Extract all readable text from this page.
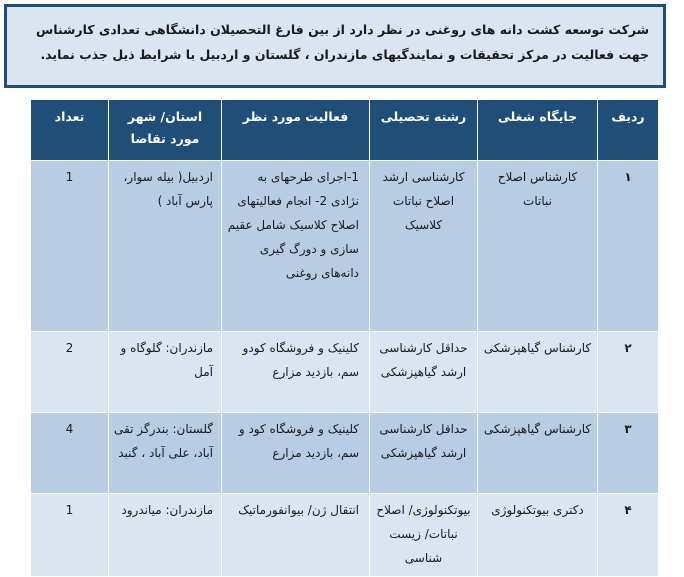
شرکت توسعه کشت دانه های روغنی در نظر دارد از بین فارغ التحصیلان دانشگاهی تعدادی کارشناس
جهت فعالیت در مرکز تحقیقات و نمایندگیهای مازندران ، گلستان و اردبیل با شرایط ذیل جذب نماید.
ردیف	جایگاه شغلی	رشته تحصیلی	فعالیت مورد نظر	استان/ شهر مورد تقاضا	تعداد
۱	کارشناس اصلاح نباتات	کارشناسی ارشد اصلاح نباتات کلاسیک	1-اجرای طرحهای به نژادی 2- انجام فعالیتهای اصلاح کلاسیک شامل عقیم سازی و دورگ گیری دانه‌های روغنی	اردبیل( بیله سوار، پارس آباد )	1
۲	کارشناس گیاهپزشکی	حداقل کارشناسی ارشد گیاهپزشکی	کلینیک و فروشگاه کودو سم، بازدید مزارع	مازندران: گلوگاه و آمل	2
۳	کارشناس گیاهپزشکی	حداقل کارشناسی ارشد گیاهپزشکی	کلینیک و فروشگاه کود و سم، بازدید مزارع	گلستان: بندرگز تقی آباد، علی آباد ، گنبد	4
۴	دکتری بیوتکنولوژی	بیوتکنولوژی/ اصلاح نباتات/ زیست شناسی	انتقال ژن/ بیوانفورماتیک	مازندران: میاندرود	1
